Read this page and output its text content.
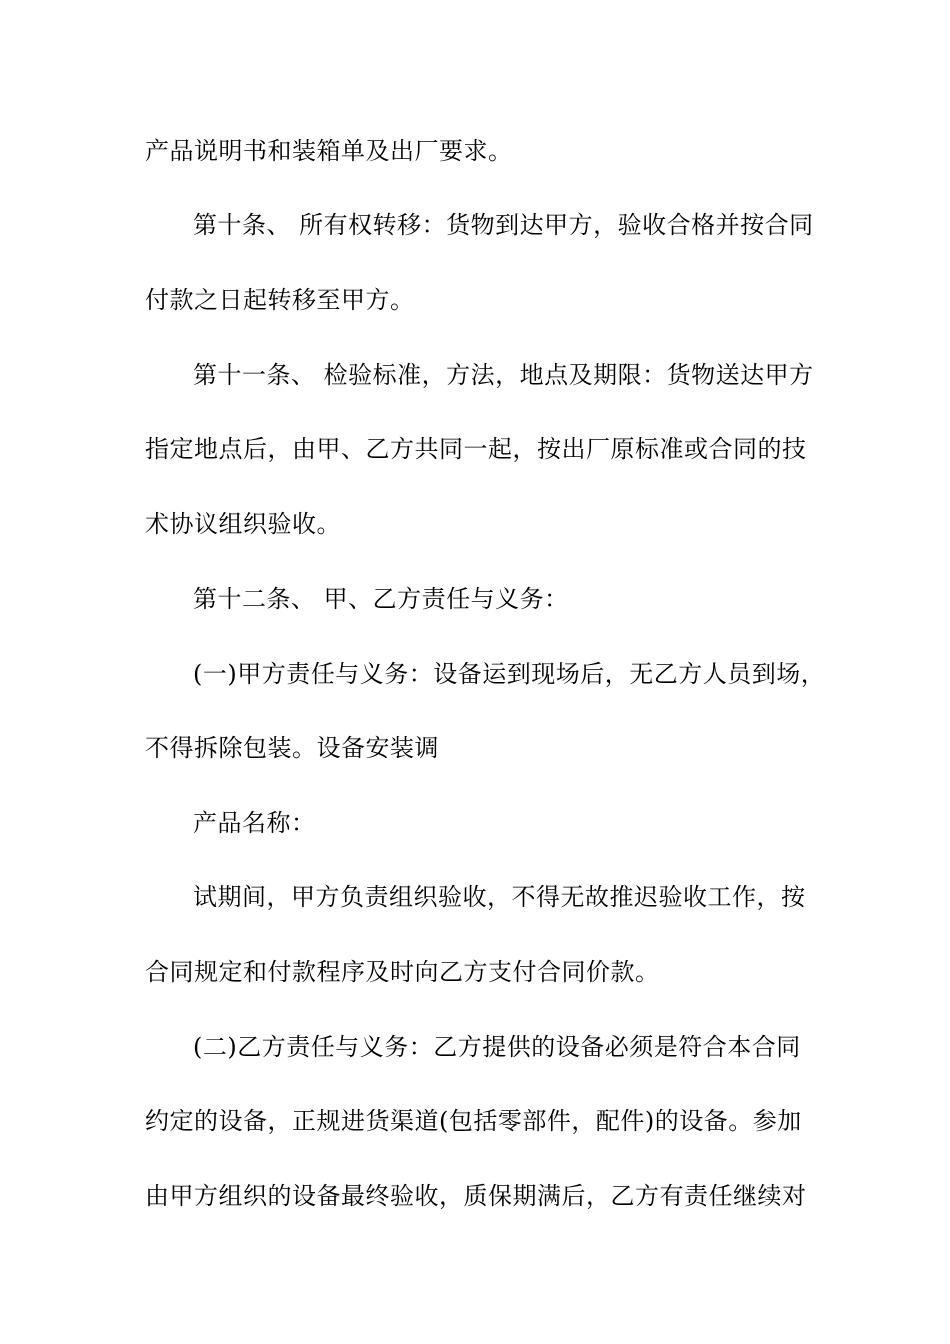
产品说明书和装箱单及出厂要求。
第十条、 所有权转移：货物到达甲方，验收合格并按合同
付款之日起转移至甲方。
第十一条、 检验标准，方法，地点及期限：货物送达甲方
指定地点后，由甲、乙方共同一起，按出厂原标准或合同的技
术协议组织验收。
第十二条、 甲、乙方责任与义务：
(一)甲方责任与义务：设备运到现场后，无乙方人员到场，
不得拆除包装。设备安装调
产品名称：
试期间，甲方负责组织验收，不得无故推迟验收工作，按
合同规定和付款程序及时向乙方支付合同价款。
(二)乙方责任与义务：乙方提供的设备必须是符合本合同
约定的设备，正规进货渠道(包括零部件，配件)的设备。参加
由甲方组织的设备最终验收，质保期满后，乙方有责任继续对
